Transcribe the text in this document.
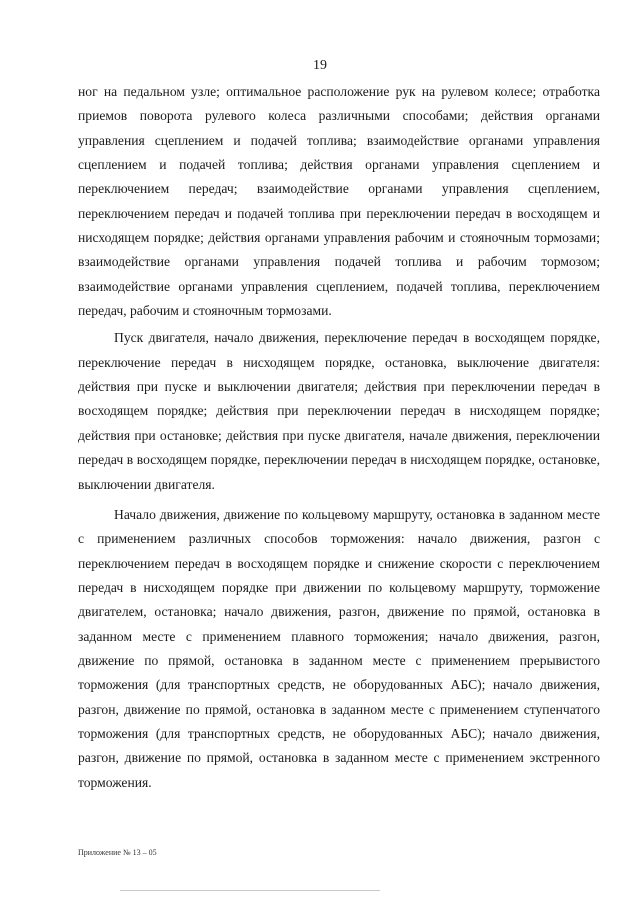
19

ног на педальном узле; оптимальное расположение рук на рулевом колесе; отработка приемов поворота рулевого колеса различными способами; действия органами управления сцеплением и подачей топлива; взаимодействие органами управления сцеплением и подачей топлива; действия органами управления сцеплением и переключением передач; взаимодействие органами управления сцеплением, переключением передач и подачей топлива при переключении передач в восходящем и нисходящем порядке; действия органами управления рабочим и стояночным тормозами; взаимодействие органами управления подачей топлива и рабочим тормозом; взаимодействие органами управления сцеплением, подачей топлива, переключением передач, рабочим и стояночным тормозами.

Пуск двигателя, начало движения, переключение передач в восходящем порядке, переключение передач в нисходящем порядке, остановка, выключение двигателя: действия при пуске и выключении двигателя; действия при переключении передач в восходящем порядке; действия при переключении передач в нисходящем порядке; действия при остановке; действия при пуске двигателя, начале движения, переключении передач в восходящем порядке, переключении передач в нисходящем порядке, остановке, выключении двигателя.

Начало движения, движение по кольцевому маршруту, остановка в заданном месте с применением различных способов торможения: начало движения, разгон с переключением передач в восходящем порядке и снижение скорости с переключением передач в нисходящем порядке при движении по кольцевому маршруту, торможение двигателем, остановка; начало движения, разгон, движение по прямой, остановка в заданном месте с применением плавного торможения; начало движения, разгон, движение по прямой, остановка в заданном месте с применением прерывистого торможения (для транспортных средств, не оборудованных АБС); начало движения, разгон, движение по прямой, остановка в заданном месте с применением ступенчатого торможения (для транспортных средств, не оборудованных АБС); начало движения, разгон, движение по прямой, остановка в заданном месте с применением экстренного торможения.

Приложение № 13 – 05
